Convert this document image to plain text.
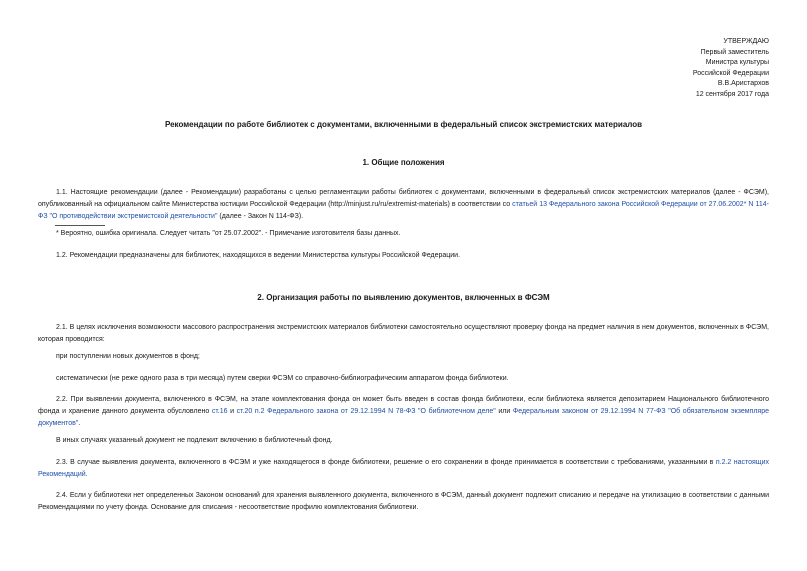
УТВЕРЖДАЮ
Первый заместитель
Министра культуры
Российской Федерации
В.В.Аристархов
12 сентября 2017 года
Рекомендации по работе библиотек с документами, включенными в федеральный список экстремистских материалов
1. Общие положения
1.1. Настоящие рекомендации (далее - Рекомендации) разработаны с целью регламентации работы библиотек с документами, включенными в федеральный список экстремистских материалов (далее - ФСЭМ), опубликованный на официальном сайте Министерства юстиции Российской Федерации (http://minjust.ru/ru/extremist-materials) в соответствии со статьей 13 Федерального закона Российской Федерации от 27.06.2002* N 114-ФЗ "О противодействии экстремистской деятельности" (далее - Закон N 114-ФЗ).
* Вероятно, ошибка оригинала. Следует читать "от 25.07.2002". - Примечание изготовителя базы данных.
1.2. Рекомендации предназначены для библиотек, находящихся в ведении Министерства культуры Российской Федерации.
2. Организация работы по выявлению документов, включенных в ФСЭМ
2.1. В целях исключения возможности массового распространения экстремистских материалов библиотеки самостоятельно осуществляют проверку фонда на предмет наличия в нем документов, включенных в ФСЭМ, которая проводится:
при поступлении новых документов в фонд;
систематически (не реже одного раза в три месяца) путем сверки ФСЭМ со справочно-библиографическим аппаратом фонда библиотеки.
2.2. При выявлении документа, включенного в ФСЭМ, на этапе комплектования фонда он может быть введен в состав фонда библиотеки, если библиотека является депозитарием Национального библиотечного фонда и хранение данного документа обусловлено ст.16 и ст.20 п.2 Федерального закона от 29.12.1994 N 78-ФЗ "О библиотечном деле" или Федеральным законом от 29.12.1994 N 77-ФЗ "Об обязательном экземпляре документов".
В иных случаях указанный документ не подлежит включению в библиотечный фонд.
2.3. В случае выявления документа, включенного в ФСЭМ и уже находящегося в фонде библиотеки, решение о его сохранении в фонде принимается в соответствии с требованиями, указанными в п.2.2 настоящих Рекомендаций.
2.4. Если у библиотеки нет определенных Законом оснований для хранения выявленного документа, включенного в ФСЭМ, данный документ подлежит списанию и передаче на утилизацию в соответствии с данными Рекомендациями по учету фонда. Основание для списания - несоответствие профилю комплектования библиотеки.
